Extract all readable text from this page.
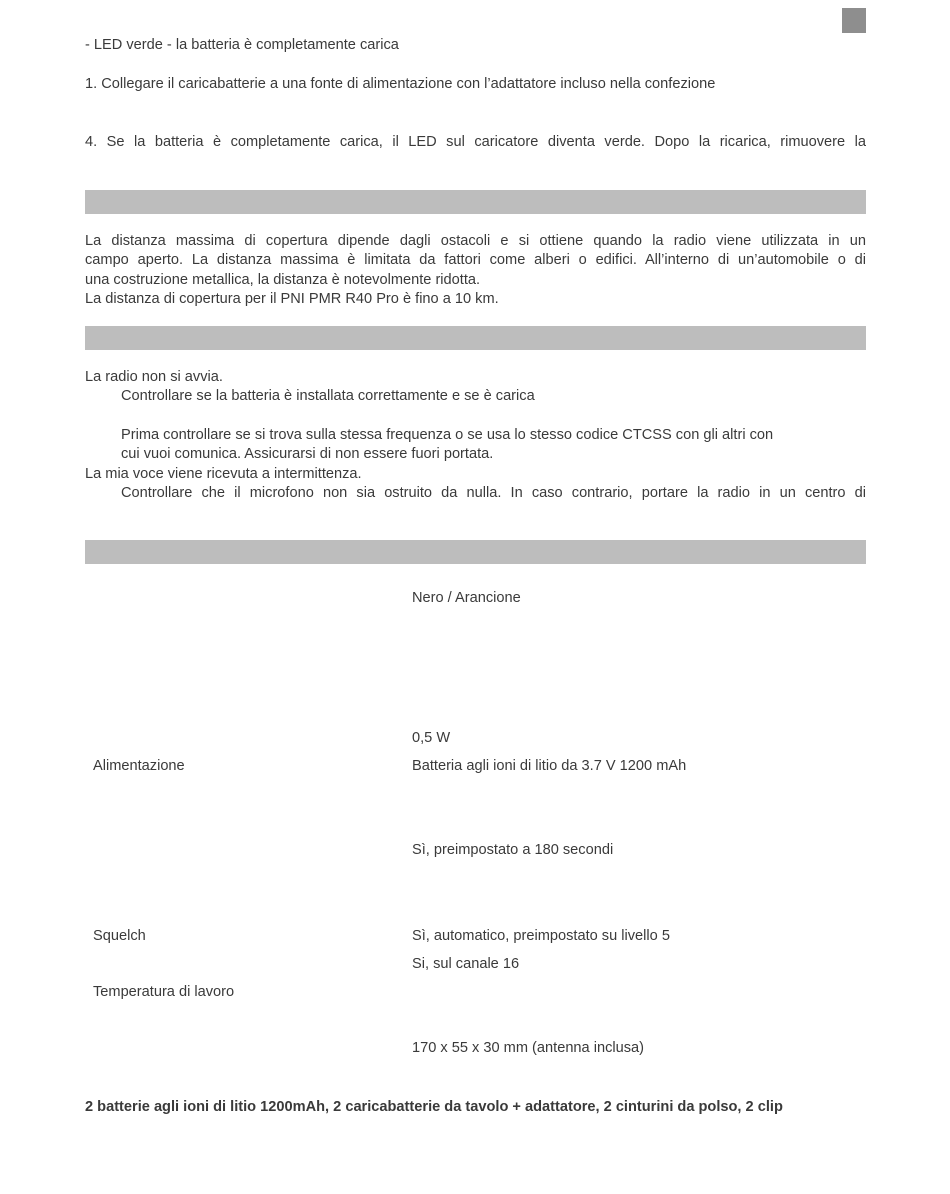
- LED verde - la batteria è completamente carica
1. Collegare il caricabatterie a una fonte di alimentazione con l’adattatore incluso nella confezione
4. Se la batteria è completamente carica, il LED sul caricatore diventa verde. Dopo la ricarica, rimuovere la
La distanza massima di copertura dipende dagli ostacoli e si ottiene quando la radio viene utilizzata in un
campo aperto. La distanza massima è limitata da fattori come alberi o edifici. All’interno di un’automobile o di
una costruzione metallica, la distanza è notevolmente ridotta.
La distanza di copertura per il PNI PMR R40 Pro è fino a 10 km.
La radio non si avvia.
Controllare se la batteria è installata correttamente e se è carica
Prima controllare se si trova sulla stessa frequenza o se usa lo stesso codice CTCSS con gli altri con
cui vuoi comunica. Assicurarsi di non essere fuori portata.
La mia voce viene ricevuta a intermittenza.
Controllare che il microfono non sia ostruito da nulla. In caso contrario, portare la radio in un centro di
Nero / Arancione
0,5 W
Alimentazione	Batteria agli ioni di litio da 3.7 V 1200 mAh
Sì, preimpostato a 180 secondi
Squelch	Sì, automatico, preimpostato su livello 5
Si, sul canale 16
Temperatura di lavoro
170 x 55 x 30 mm (antenna inclusa)
2 batterie agli ioni di litio 1200mAh, 2 caricabatterie da tavolo + adattatore, 2 cinturini da polso, 2 clip
